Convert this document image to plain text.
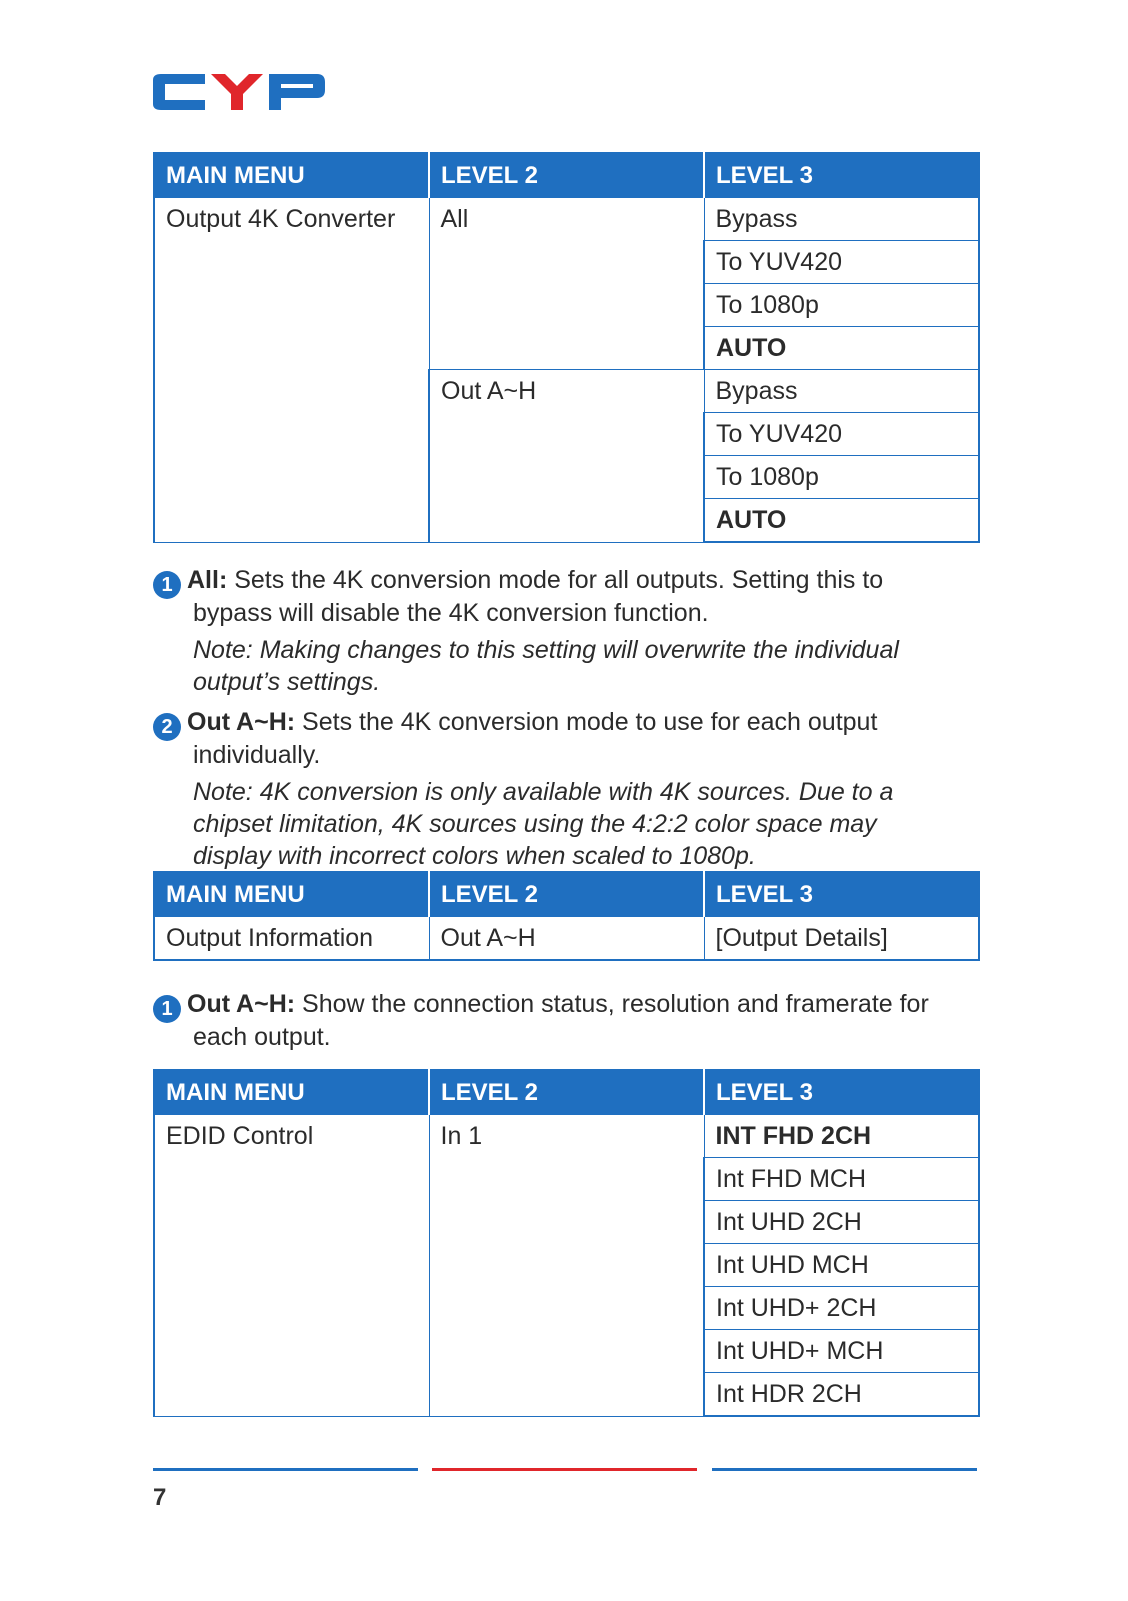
MAIN MENU	LEVEL 2	LEVEL 3
Output 4K Converter	All	Bypass
		To YUV420
		To 1080p
		AUTO
	Out A~H	Bypass
		To YUV420
		To 1080p
		AUTO
1 All: Sets the 4K conversion mode for all outputs. Setting this to
bypass will disable the 4K conversion function.
Note: Making changes to this setting will overwrite the individual
output’s settings.
2 Out A~H: Sets the 4K conversion mode to use for each output
individually.
Note: 4K conversion is only available with 4K sources. Due to a
chipset limitation, 4K sources using the 4:2:2 color space may
display with incorrect colors when scaled to 1080p.
MAIN MENU	LEVEL 2	LEVEL 3
Output Information	Out A~H	[Output Details]
1 Out A~H: Show the connection status, resolution and framerate for
each output.
MAIN MENU	LEVEL 2	LEVEL 3
EDID Control	In 1	INT FHD 2CH
		Int FHD MCH
		Int UHD 2CH
		Int UHD MCH
		Int UHD+ 2CH
		Int UHD+ MCH
		Int HDR 2CH
7
